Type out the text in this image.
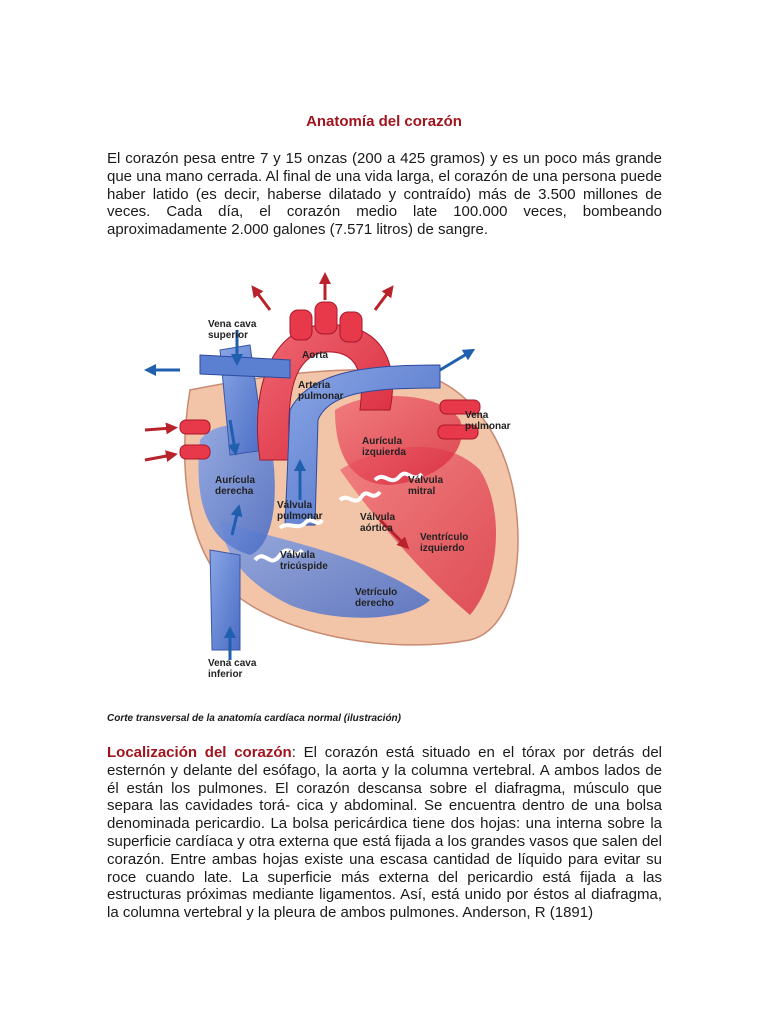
Anatomía del corazón

El corazón pesa entre 7 y 15 onzas (200 a 425 gramos) y es un poco más grande que una mano cerrada. Al final de una vida larga, el corazón de una persona puede haber latido (es decir, haberse dilatado y contraído) más de 3.500 millones de veces. Cada día, el corazón medio late 100.000 veces, bombeando aproximadamente 2.000 galones (7.571 litros) de sangre.

Vena cava
superior
Aorta
Arteria
pulmonar
Vena
pulmonar
Aurícula
izquierda
Aurícula
derecha
Válvula
mitral
Válvula
pulmonar	Válvula
aórtica
Ventrículo
izquierdo
Válvula
tricúspide
Vetrículo
derecho
Vena cava
inferior
Corte transversal de la anatomía cardíaca normal (ilustración)

Localización del corazón: El corazón está situado en el tórax por detrás del esternón y delante del esófago, la aorta y la columna vertebral. A ambos lados de él están los pulmones. El corazón descansa sobre el diafragma, músculo que separa las cavidades torá- cica y abdominal. Se encuentra dentro de una bolsa denominada pericardio. La bolsa pericárdica tiene dos hojas: una interna sobre la superficie cardíaca y otra externa que está fijada a los grandes vasos que salen del corazón. Entre ambas hojas existe una escasa cantidad de líquido para evitar su roce cuando late. La superficie más externa del pericardio está fijada a las estructuras próximas mediante ligamentos. Así, está unido por éstos al diafragma, la columna vertebral y la pleura de ambos pulmones. Anderson, R (1891)
